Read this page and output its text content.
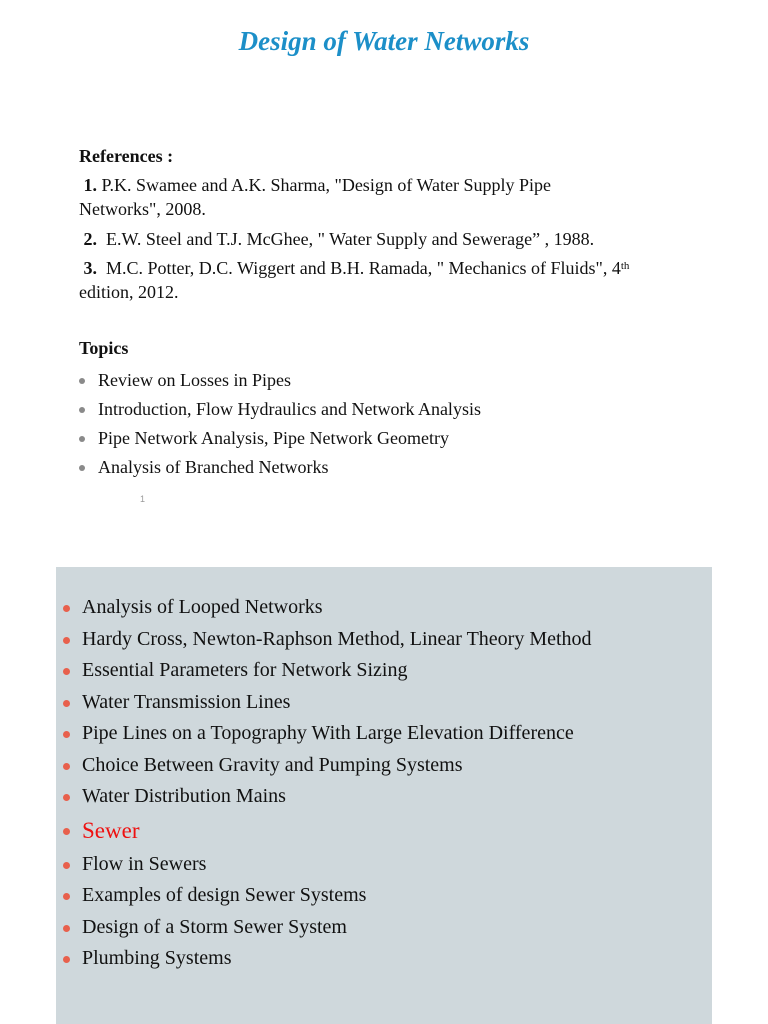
Design of Water Networks
References :
1. P.K. Swamee and A.K. Sharma, "Design of Water Supply Pipe
Networks", 2008.
2. E.W. Steel and T.J. McGhee, " Water Supply and Sewerage” , 1988.
3. M.C. Potter, D.C. Wiggert and B.H. Ramada, " Mechanics of Fluids", 4th
edition, 2012.
Topics
Review on Losses in Pipes
Introduction, Flow Hydraulics and Network Analysis
Pipe Network Analysis, Pipe Network Geometry
Analysis of Branched Networks
1
Analysis of Looped Networks
Hardy Cross, Newton-Raphson Method, Linear Theory Method
Essential Parameters for Network Sizing
Water Transmission Lines
Pipe Lines on a Topography With Large Elevation Difference
Choice Between Gravity and Pumping Systems
Water Distribution Mains
Sewer
Flow in Sewers
Examples of design Sewer Systems
Design of a Storm Sewer System
Plumbing Systems
